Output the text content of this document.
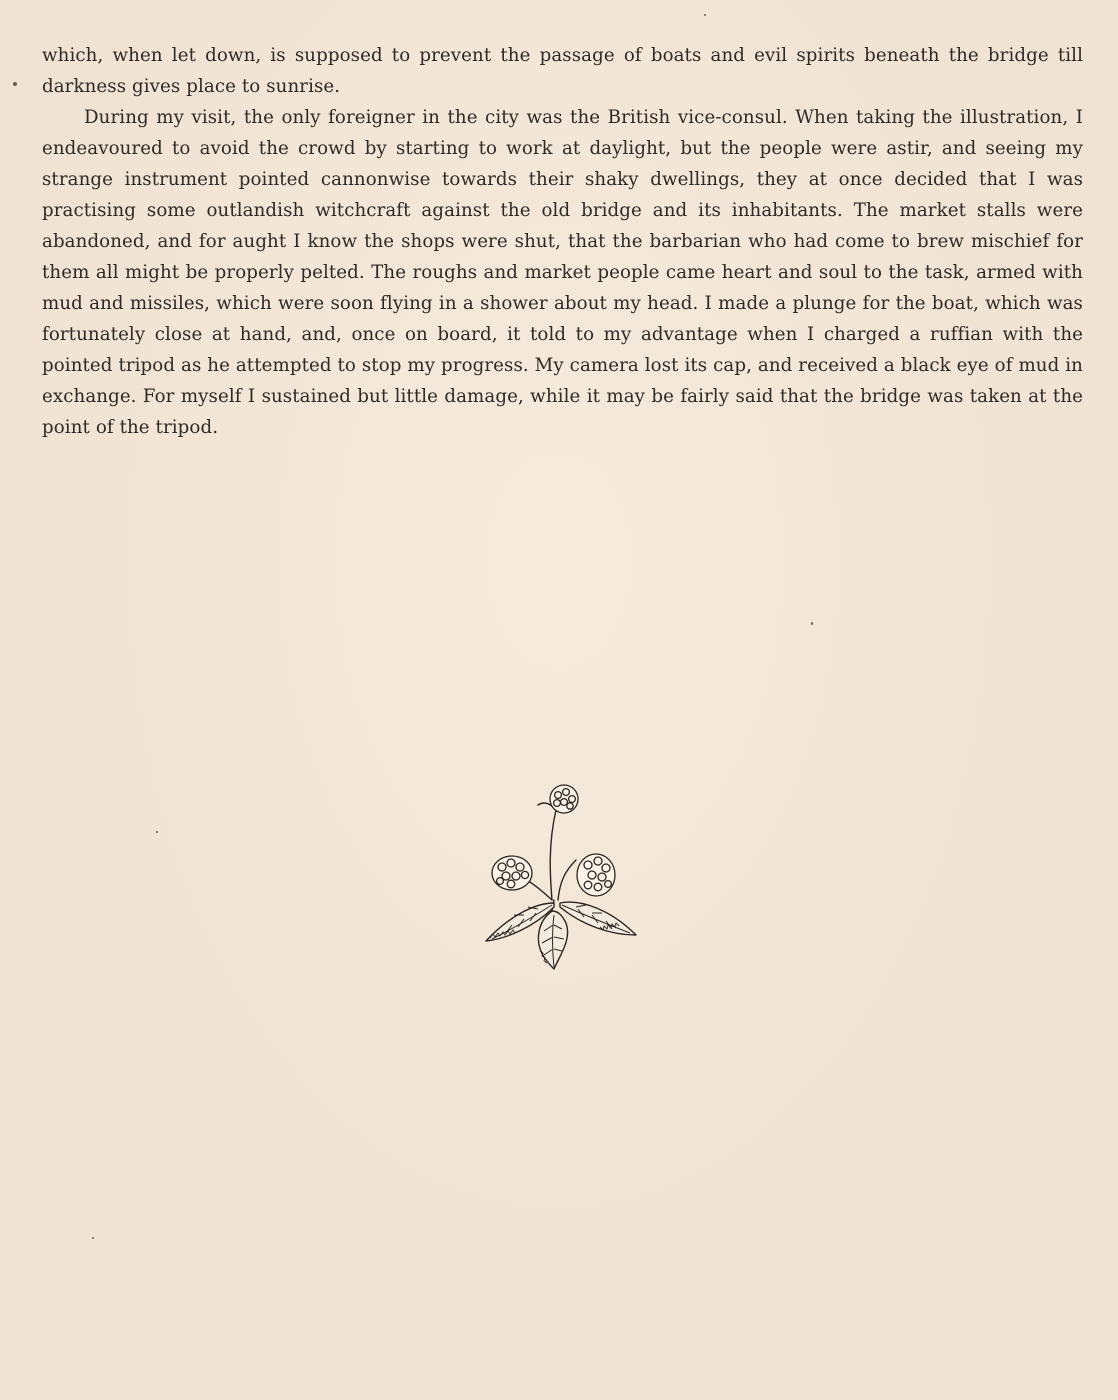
which, when let down, is supposed to prevent the passage of boats and evil spirits beneath the bridge till darkness gives place to sunrise.

During my visit, the only foreigner in the city was the British vice-consul. When taking the illustration, I endeavoured to avoid the crowd by starting to work at daylight, but the people were astir, and seeing my strange instrument pointed cannonwise towards their shaky dwellings, they at once decided that I was practising some outlandish witchcraft against the old bridge and its inhabitants. The market stalls were abandoned, and for aught I know the shops were shut, that the barbarian who had come to brew mischief for them all might be properly pelted. The roughs and market people came heart and soul to the task, armed with mud and missiles, which were soon flying in a shower about my head. I made a plunge for the boat, which was fortunately close at hand, and, once on board, it told to my advantage when I charged a ruffian with the pointed tripod as he attempted to stop my progress. My camera lost its cap, and received a black eye of mud in exchange. For myself I sustained but little damage, while it may be fairly said that the bridge was taken at the point of the tripod.
